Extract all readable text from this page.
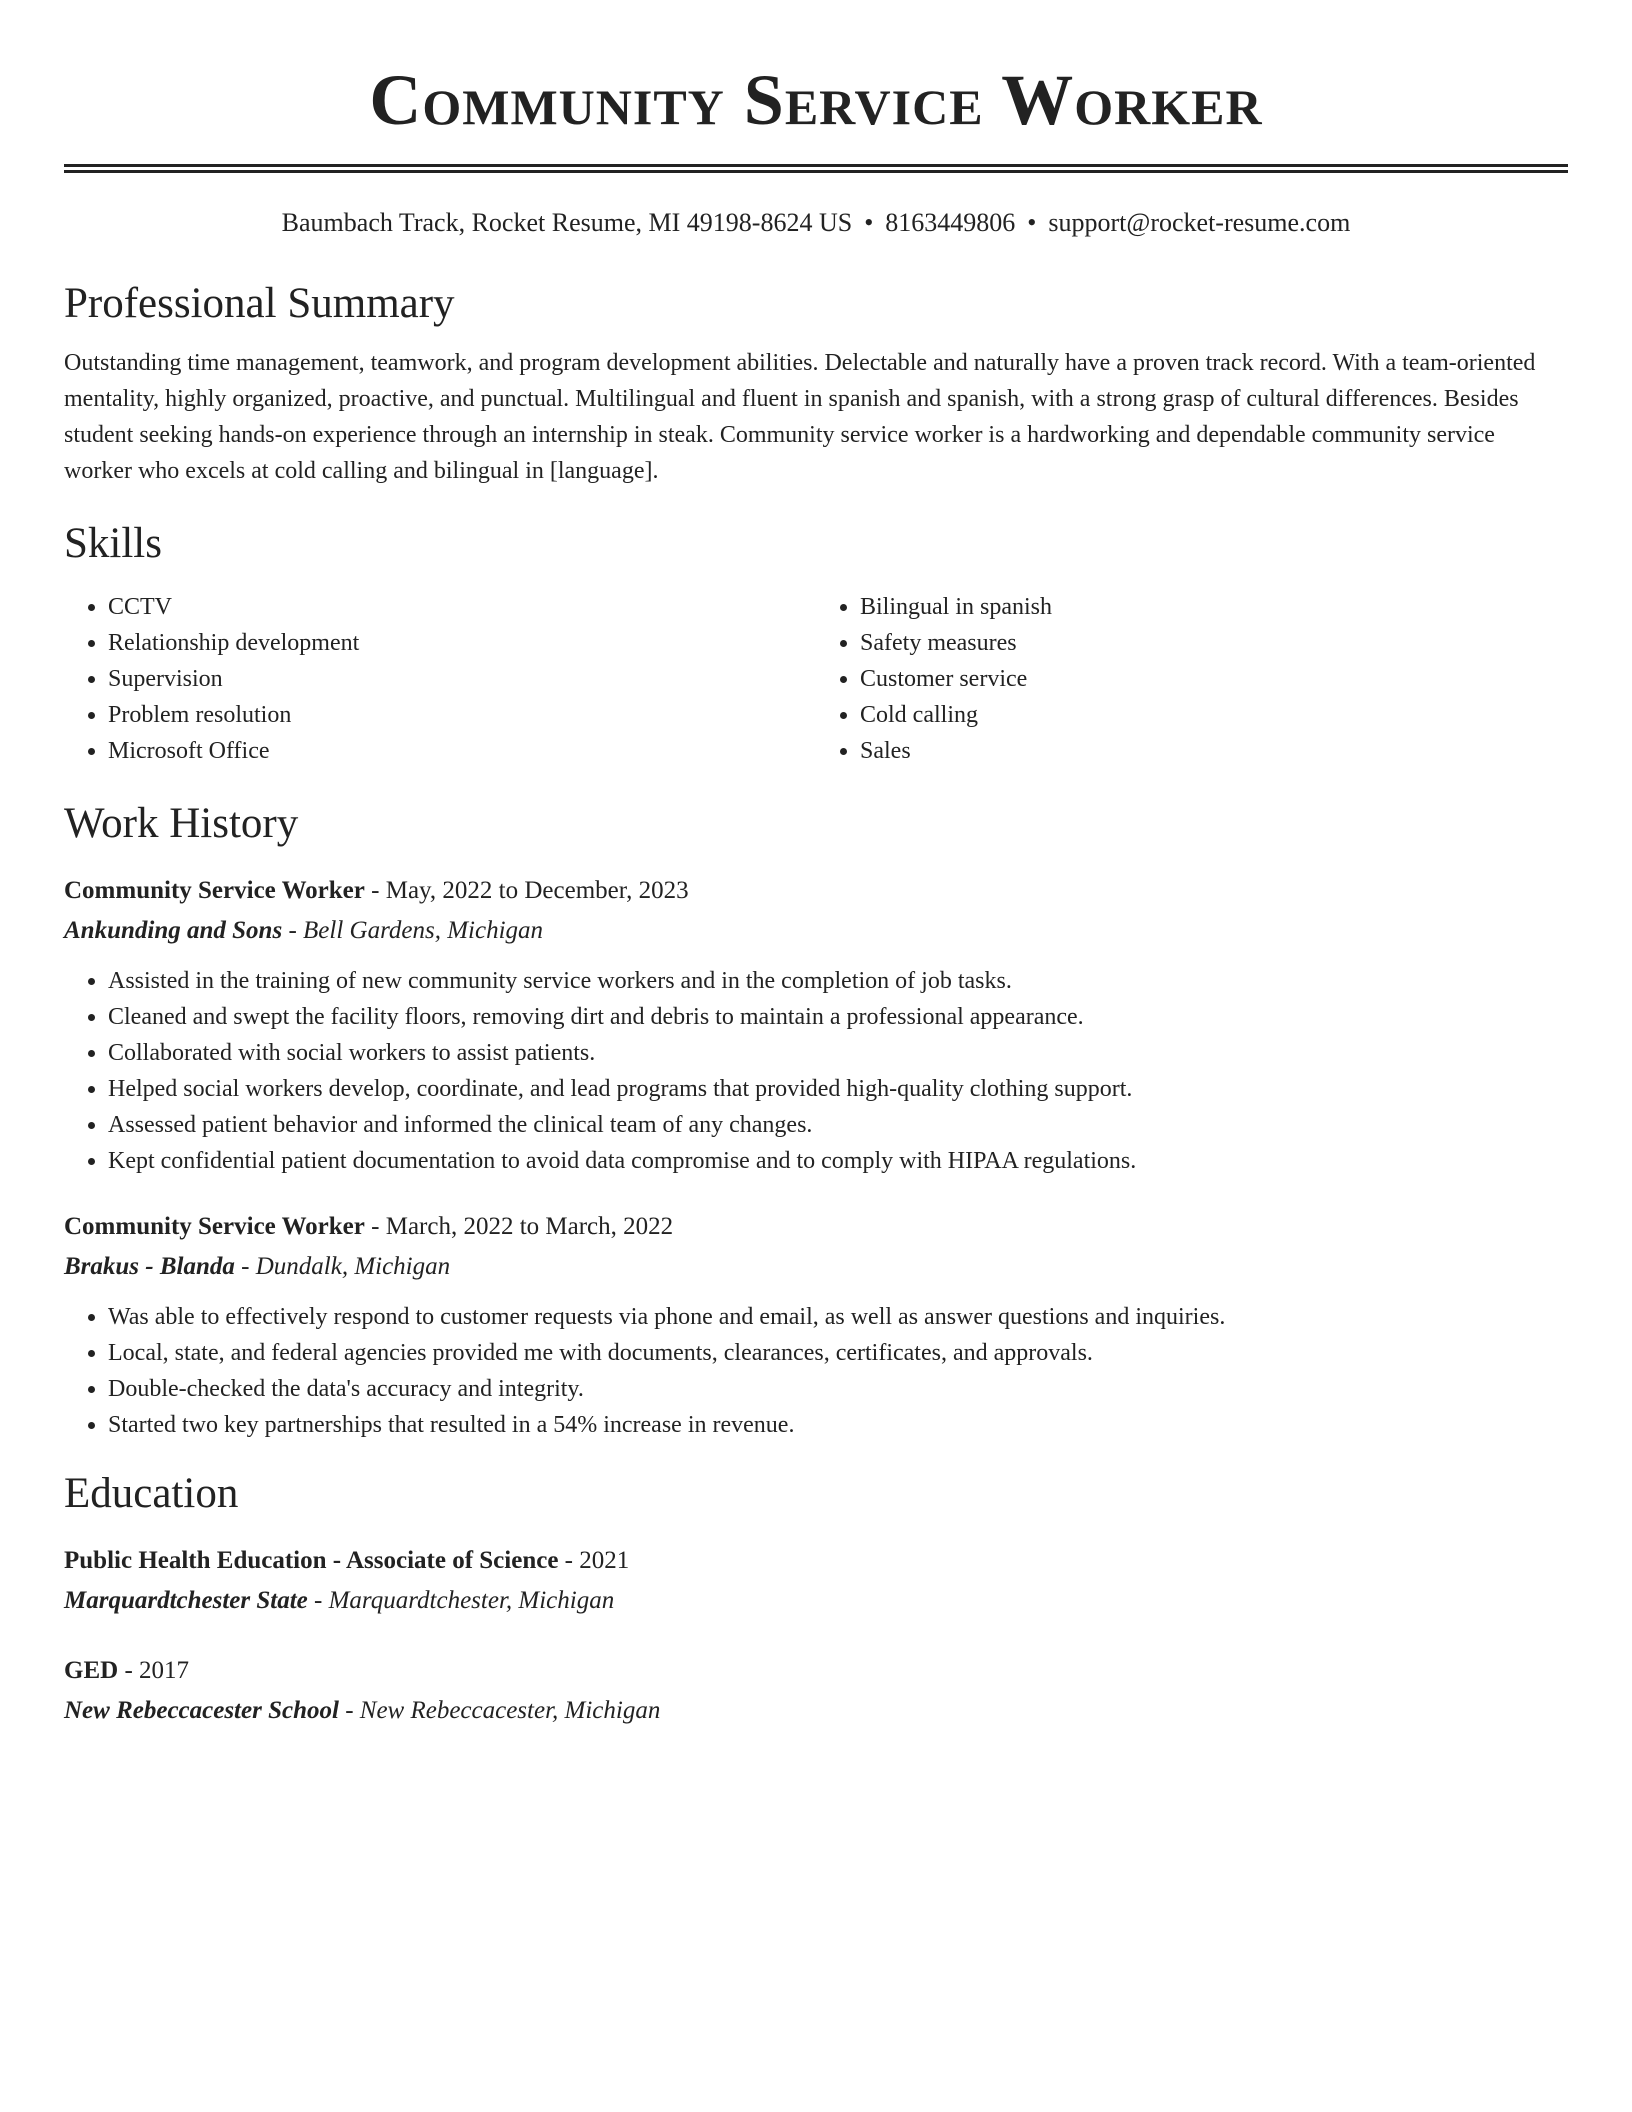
Community Service Worker
Baumbach Track, Rocket Resume, MI 49198-8624 US • 8163449806 • support@rocket-resume.com
Professional Summary

Outstanding time management, teamwork, and program development abilities. Delectable and naturally have a proven track record. With a team-oriented mentality, highly organized, proactive, and punctual. Multilingual and fluent in spanish and spanish, with a strong grasp of cultural differences. Besides student seeking hands-on experience through an internship in steak. Community service worker is a hardworking and dependable community service worker who excels at cold calling and bilingual in [language].

Skills
• CCTV
• Relationship development
• Supervision
• Problem resolution
• Microsoft Office
• Bilingual in spanish
• Safety measures
• Customer service
• Cold calling
• Sales
Work History
Community Service Worker - May, 2022 to December, 2023
Ankunding and Sons - Bell Gardens, Michigan
• Assisted in the training of new community service workers and in the completion of job tasks.
• Cleaned and swept the facility floors, removing dirt and debris to maintain a professional appearance.
• Collaborated with social workers to assist patients.
• Helped social workers develop, coordinate, and lead programs that provided high-quality clothing support.
• Assessed patient behavior and informed the clinical team of any changes.
• Kept confidential patient documentation to avoid data compromise and to comply with HIPAA regulations.
Community Service Worker - March, 2022 to March, 2022
Brakus - Blanda - Dundalk, Michigan
• Was able to effectively respond to customer requests via phone and email, as well as answer questions and inquiries.
• Local, state, and federal agencies provided me with documents, clearances, certificates, and approvals.
• Double-checked the data's accuracy and integrity.
• Started two key partnerships that resulted in a 54% increase in revenue.
Education
Public Health Education - Associate of Science - 2021
Marquardtchester State - Marquardtchester, Michigan
GED - 2017
New Rebeccacester School - New Rebeccacester, Michigan
